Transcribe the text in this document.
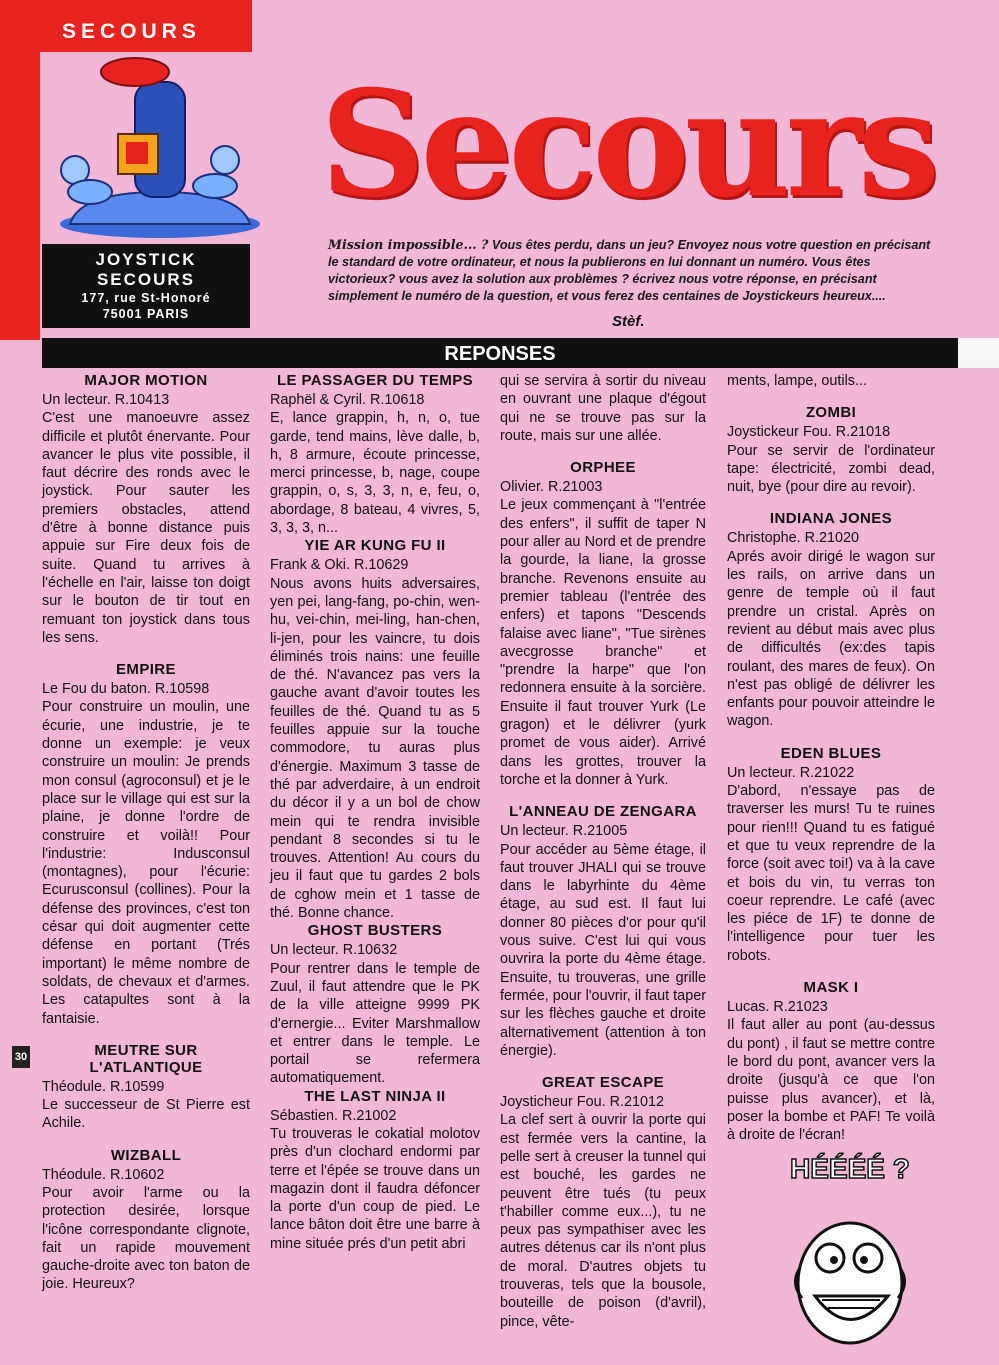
SECOURS
JOYSTICK
SECOURS
177, rue St-Honoré
75001 PARIS
Secours
Mission impossible... ? Vous êtes perdu, dans un jeu? Envoyez nous votre question en précisant le standard de votre ordinateur, et nous la publierons en lui donnant un numéro. Vous êtes victorieux? vous avez la solution aux problèmes ? écrivez nous votre réponse, en précisant simplement le numéro de la question, et vous ferez des centaines de Joystickeurs heureux....
Stèf.
REPONSES
MAJOR MOTION
Un lecteur. R.10413
C'est une manoeuvre assez difficile et plutôt énervante. Pour avancer le plus vite possible, il faut décrire des ronds avec le joystick. Pour sauter les premiers obstacles, attend d'être à bonne distance puis appuie sur Fire deux fois de suite. Quand tu arrives à l'échelle en l'air, laisse ton doigt sur le bouton de tir tout en remuant ton joystick dans tous les sens.
EMPIRE
Le Fou du baton. R.10598
Pour construire un moulin, une écurie, une industrie, je te donne un exemple: je veux construire un moulin: Je prends mon consul (agroconsul) et je le place sur le village qui est sur la plaine, je donne l'ordre de construire et voilà!! Pour l'industrie: Indusconsul (montagnes), pour l'écurie: Ecurusconsul (collines). Pour la défense des provinces, c'est ton césar qui doit augmenter cette défense en portant (Trés important) le même nombre de soldats, de chevaux et d'armes. Les catapultes sont à la fantaisie.
MEUTRE SUR L'ATLANTIQUE
Théodule. R.10599
Le successeur de St Pierre est Achile.
WIZBALL
Théodule. R.10602
Pour avoir l'arme ou la protection desirée, lorsque l'icône correspondante clignote, fait un rapide mouvement gauche-droite avec ton baton de joie. Heureux?
LE PASSAGER DU TEMPS
Raphël & Cyril. R.10618
E, lance grappin, h, n, o, tue garde, tend mains, lève dalle, b, h, 8 armure, écoute princesse, merci princesse, b, nage, coupe grappin, o, s, 3, 3, n, e, feu, o, abordage, 8 bateau, 4 vivres, 5, 3, 3, 3, n...
YIE AR KUNG FU II
Frank & Oki. R.10629
Nous avons huits adversaires, yen pei, lang-fang, po-chin, wen-hu, vei-chin, mei-ling, han-chen, li-jen, pour les vaincre, tu dois éliminés trois nains: une feuille de thé. N'avancez pas vers la gauche avant d'avoir toutes les feuilles de thé. Quand tu as 5 feuilles appuie sur la touche commodore, tu auras plus d'énergie. Maximum 3 tasse de thé par adverdaire, à un endroit du décor il y a un bol de chow mein qui te rendra invisible pendant 8 secondes si tu le trouves. Attention! Au cours du jeu il faut que tu gardes 2 bols de cghow mein et 1 tasse de thé. Bonne chance.
GHOST BUSTERS
Un lecteur. R.10632
Pour rentrer dans le temple de Zuul, il faut attendre que le PK de la ville atteigne 9999 PK d'ernergie... Eviter Marshmallow et entrer dans le temple. Le portail se refermera automatiquement.
THE LAST NINJA II
Sébastien. R.21002
Tu trouveras le cokatial molotov près d'un clochard endormi par terre et l'épée se trouve dans un magazin dont il faudra défoncer la porte d'un coup de pied. Le lance bâton doit être une barre à mine située prés d'un petit abri
qui se servira à sortir du niveau en ouvrant une plaque d'égout qui ne se trouve pas sur la route, mais sur une allée.
ORPHEE
Olivier. R.21003
Le jeux commençant à "l'entrée des enfers", il suffit de taper N pour aller au Nord et de prendre la gourde, la liane, la grosse branche. Revenons ensuite au premier tableau (l'entrée des enfers) et tapons "Descends falaise avec liane", "Tue sirènes avecgrosse branche" et "prendre la harpe" que l'on redonnera ensuite à la sorcière. Ensuite il faut trouver Yurk (Le gragon) et le délivrer (yurk promet de vous aider). Arrivé dans les grottes, trouver la torche et la donner à Yurk.
L'ANNEAU DE ZENGARA
Un lecteur. R.21005
Pour accéder au 5ème étage, il faut trouver JHALI qui se trouve dans le labyrhinte du 4ème étage, au sud est. Il faut lui donner 80 pièces d'or pour qu'il vous suive. C'est lui qui vous ouvrira la porte du 4ème étage. Ensuite, tu trouveras, une grille fermée, pour l'ouvrir, il faut taper sur les flèches gauche et droite alternativement (attention à ton énergie).
GREAT ESCAPE
Joysticheur Fou. R.21012
La clef sert à ouvrir la porte qui est fermée vers la cantine, la pelle sert à creuser la tunnel qui est bouché, les gardes ne peuvent être tués (tu peux t'habiller comme eux...), tu ne peux pas sympathiser avec les autres détenus car ils n'ont plus de moral. D'autres objets tu trouveras, tels que la bousole, bouteille de poison (d'avril), pince, vête-
ments, lampe, outils...
ZOMBI
Joystickeur Fou. R.21018
Pour se servir de l'ordinateur tape: électricité, zombi dead, nuit, bye (pour dire au revoir).
INDIANA JONES
Christophe. R.21020
Aprés avoir dirigé le wagon sur les rails, on arrive dans un genre de temple où il faut prendre un cristal. Après on revient au début mais avec plus de difficultés (ex:des tapis roulant, des mares de feux). On n'est pas obligé de délivrer les enfants pour pouvoir atteindre le wagon.
EDEN BLUES
Un lecteur. R.21022
D'abord, n'essaye pas de traverser les murs! Tu te ruines pour rien!!! Quand tu es fatigué et que tu veux reprendre de la force (soit avec toi!) va à la cave et bois du vin, tu verras ton coeur reprendre. Le café (avec les piéce de 1F) te donne de l'intelligence pour tuer les robots.
MASK I
Lucas. R.21023
Il faut aller au pont (au-dessus du pont) , il faut se mettre contre le bord du pont, avancer vers la droite (jusqu'à ce que l'on puisse plus avancer), et là, poser la bombe et PAF! Te voilà à droite de l'écran!
30
HÉÉÉÉ ?
